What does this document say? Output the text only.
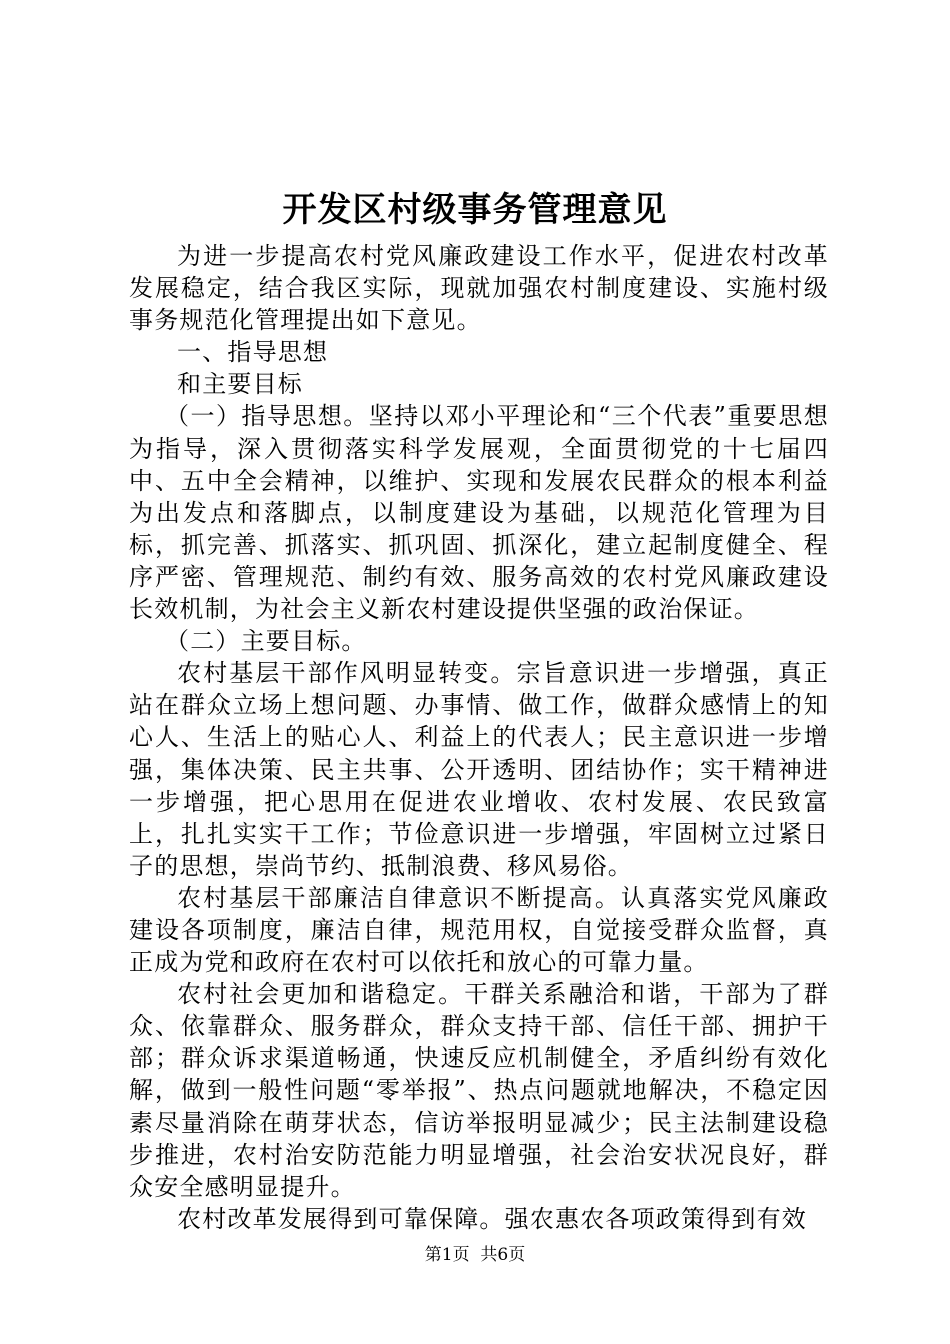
开发区村级事务管理意见

为进一步提高农村党风廉政建设工作水平，促进农村改革发展稳定，结合我区实际，现就加强农村制度建设、实施村级事务规范化管理提出如下意见。

一、指导思想

和主要目标

（一）指导思想。坚持以邓小平理论和“三个代表”重要思想为指导，深入贯彻落实科学发展观，全面贯彻党的十七届四中、五中全会精神，以维护、实现和发展农民群众的根本利益为出发点和落脚点，以制度建设为基础，以规范化管理为目标，抓完善、抓落实、抓巩固、抓深化，建立起制度健全、程序严密、管理规范、制约有效、服务高效的农村党风廉政建设长效机制，为社会主义新农村建设提供坚强的政治保证。

（二）主要目标。

农村基层干部作风明显转变。宗旨意识进一步增强，真正站在群众立场上想问题、办事情、做工作，做群众感情上的知心人、生活上的贴心人、利益上的代表人；民主意识进一步增强，集体决策、民主共事、公开透明、团结协作；实干精神进一步增强，把心思用在促进农业增收、农村发展、农民致富上，扎扎实实干工作；节俭意识进一步增强，牢固树立过紧日子的思想，崇尚节约、抵制浪费、移风易俗。

农村基层干部廉洁自律意识不断提高。认真落实党风廉政建设各项制度，廉洁自律，规范用权，自觉接受群众监督，真正成为党和政府在农村可以依托和放心的可靠力量。

农村社会更加和谐稳定。干群关系融洽和谐，干部为了群众、依靠群众、服务群众，群众支持干部、信任干部、拥护干部；群众诉求渠道畅通，快速反应机制健全，矛盾纠纷有效化解，做到一般性问题“零举报”、热点问题就地解决，不稳定因素尽量消除在萌芽状态，信访举报明显减少；民主法制建设稳步推进，农村治安防范能力明显增强，社会治安状况良好，群众安全感明显提升。

农村改革发展得到可靠保障。强农惠农各项政策得到有效

第1页 共6页
